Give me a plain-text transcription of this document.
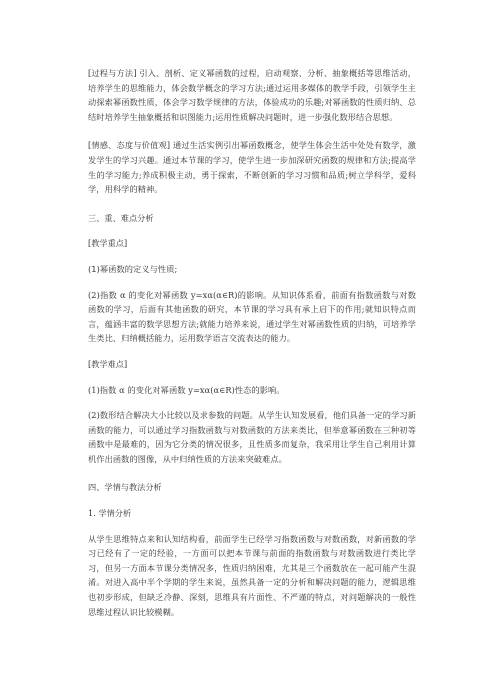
[过程与方法] 引入、剖析、定义幂函数的过程，启动观察、分析、抽象概括等思维活动，培养学生的思维能力，体会数学概念的学习方法;通过运用多媒体的教学手段，引领学生主动探索幂函数性质，体会学习数学规律的方法，体验成功的乐趣;对幂函数的性质归纳、总结时培养学生抽象概括和识图能力;运用性质解决问题时，进一步强化数形结合思想。

[情感、态度与价值观] 通过生活实例引出幂函数概念，使学生体会生活中处处有数学，激发学生的学习兴趣。通过本节课的学习，使学生进一步加深研究函数的规律和方法;提高学生的学习能力;养成积极主动，勇于探索，不断创新的学习习惯和品质;树立学科学，爱科学，用科学的精神。

三、重、难点分析

[教学重点]

(1)幂函数的定义与性质;

(2)指数 α 的变化对幂函数 y=xα(α∈R)的影响。从知识体系看，前面有指数函数与对数函数的学习，后面有其他函数的研究，本节课的学习具有承上启下的作用;就知识特点而言，蕴涵丰富的数学思想方法;就能力培养来说，通过学生对幂函数性质的归纳，可培养学生类比、归纳概括能力，运用数学语言交流表达的能力。

[教学难点]

(1)指数 α 的变化对幂函数 y=xα(α∈R)性态的影响。

(2)数形结合解决大小比较以及求参数的问题。从学生认知发展看，他们具备一定的学习新函数的能力，可以通过学习指数函数与对数函数的方法来类比，但举意幂函数在三种初等函数中是最难的，因为它分类的情况很多，且性质多而复杂，我采用让学生自己利用计算机作出函数的图像，从中归纳性质的方法来突破难点。

四、学情与教法分析

1. 学情分析

从学生思维特点来和认知结构看，前面学生已经学习指数函数与对数函数，对新函数的学习已经有了一定的经验，一方面可以把本节课与前面的指数函数与对数函数进行类比学习，但另一方面本节课分类情况多，性质归纳困难，尤其是三个函数放在一起可能产生混淆。对进入高中半个学期的学生来说，虽然具备一定的分析和解决问题的能力，逻辑思维也初步形成，但缺乏冷静、深刻，思维具有片面性、不严谨的特点，对问题解决的一般性思维过程认识比较模糊。
